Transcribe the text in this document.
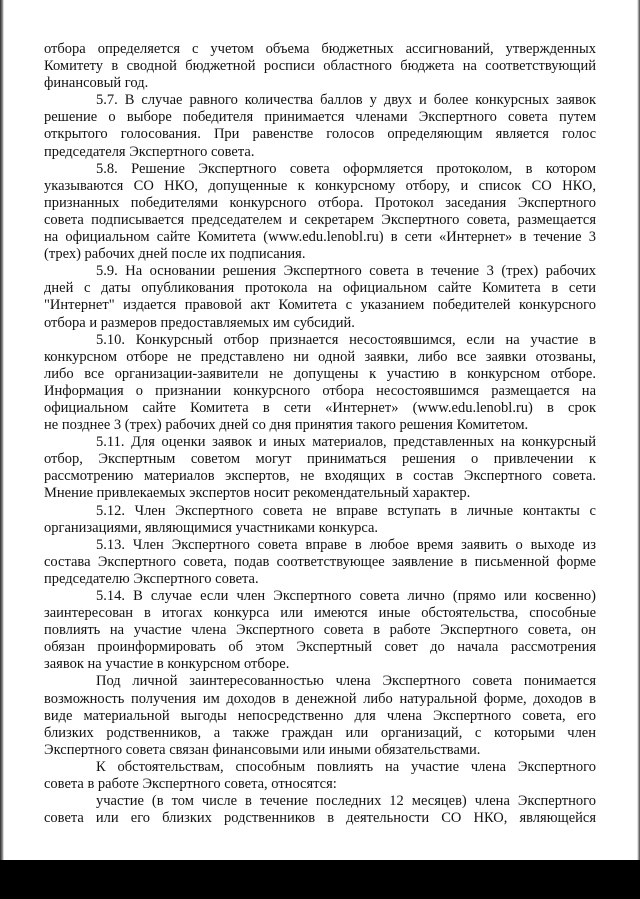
отбора определяется с учетом объема бюджетных ассигнований, утвержденных
Комитету в сводной бюджетной росписи областного бюджета на соответствующий
финансовый год.
5.7. В случае равного количества баллов у двух и более конкурсных заявок
решение о выборе победителя принимается членами Экспертного совета путем
открытого голосования. При равенстве голосов определяющим является голос
председателя Экспертного совета.
5.8. Решение Экспертного совета оформляется протоколом, в котором
указываются СО НКО, допущенные к конкурсному отбору, и список СО НКО,
признанных победителями конкурсного отбора. Протокол заседания Экспертного
совета подписывается председателем и секретарем Экспертного совета, размещается
на официальном сайте Комитета (www.edu.lenobl.ru) в сети «Интернет» в течение 3
(трех) рабочих дней после их подписания.
5.9. На основании решения Экспертного совета в течение 3 (трех) рабочих
дней с даты опубликования протокола на официальном сайте Комитета в сети
"Интернет" издается правовой акт Комитета с указанием победителей конкурсного
отбора и размеров предоставляемых им субсидий.
5.10. Конкурсный отбор признается несостоявшимся, если на участие в
конкурсном отборе не представлено ни одной заявки, либо все заявки отозваны,
либо все организации-заявители не допущены к участию в конкурсном отборе.
Информация о признании конкурсного отбора несостоявшимся размещается на
официальном сайте Комитета в сети «Интернет» (www.edu.lenobl.ru) в срок
не позднее 3 (трех) рабочих дней со дня принятия такого решения Комитетом.
5.11. Для оценки заявок и иных материалов, представленных на конкурсный
отбор, Экспертным советом могут приниматься решения о привлечении к
рассмотрению материалов экспертов, не входящих в состав Экспертного совета.
Мнение привлекаемых экспертов носит рекомендательный характер.
5.12. Член Экспертного совета не вправе вступать в личные контакты с
организациями, являющимися участниками конкурса.
5.13. Член Экспертного совета вправе в любое время заявить о выходе из
состава Экспертного совета, подав соответствующее заявление в письменной форме
председателю Экспертного совета.
5.14. В случае если член Экспертного совета лично (прямо или косвенно)
заинтересован в итогах конкурса или имеются иные обстоятельства, способные
повлиять на участие члена Экспертного совета в работе Экспертного совета, он
обязан проинформировать об этом Экспертный совет до начала рассмотрения
заявок на участие в конкурсном отборе.
Под личной заинтересованностью члена Экспертного совета понимается
возможность получения им доходов в денежной либо натуральной форме, доходов в
виде материальной выгоды непосредственно для члена Экспертного совета, его
близких родственников, а также граждан или организаций, с которыми член
Экспертного совета связан финансовыми или иными обязательствами.
К обстоятельствам, способным повлиять на участие члена Экспертного
совета в работе Экспертного совета, относятся:
участие (в том числе в течение последних 12 месяцев) члена Экспертного
совета или его близких родственников в деятельности СО НКО, являющейся
